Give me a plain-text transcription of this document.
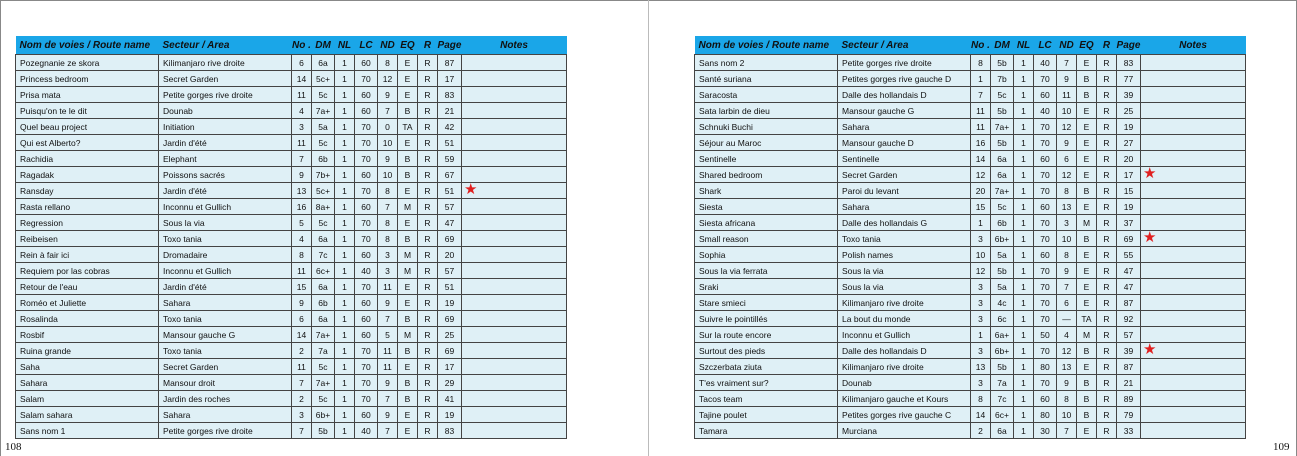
Nom de voies / Route name	Secteur / Area	No .	DM	NL	LC	ND	EQ	R	Page	Notes
Pozegnanie ze skora	Kilimanjaro rive droite	6	6a	1	60	8	E	R	87	
Princess bedroom	Secret Garden	14	5c+	1	70	12	E	R	17	
Prisa mata	Petite gorges rive droite	11	5c	1	60	9	E	R	83	
Puisqu'on te le dit	Dounab	4	7a+	1	60	7	B	R	21	
Quel beau project	Initiation	3	5a	1	70	0	TA	R	42	
Qui est Alberto?	Jardin d'été	11	5c	1	70	10	E	R	51	
Rachidia	Elephant	7	6b	1	70	9	B	R	59	
Ragadak	Poissons sacrés	9	7b+	1	60	10	B	R	67	
Ransday	Jardin d'été	13	5c+	1	70	8	E	R	51	★

Rasta rellano	Inconnu et Gullich	16	8a+	1	60	7	M	R	57	
Regression	Sous la via	5	5c	1	70	8	E	R	47	
Reibeisen	Toxo tania	4	6a	1	70	8	B	R	69	
Rein à fair ici	Dromadaire	8	7c	1	60	3	M	R	20	
Requiem por las cobras	Inconnu et Gullich	11	6c+	1	40	3	M	R	57	
Retour de l'eau	Jardin d'été	15	6a	1	70	11	E	R	51	
Roméo et Juliette	Sahara	9	6b	1	60	9	E	R	19	
Rosalinda	Toxo tania	6	6a	1	60	7	B	R	69	
Rosbif	Mansour gauche G	14	7a+	1	60	5	M	R	25	
Ruina grande	Toxo tania	2	7a	1	70	11	B	R	69	
Saha	Secret Garden	11	5c	1	70	11	E	R	17	
Sahara	Mansour droit	7	7a+	1	70	9	B	R	29	
Salam	Jardin des roches	2	5c	1	70	7	B	R	41	
Salam sahara	Sahara	3	6b+	1	60	9	E	R	19	
Sans nom 1	Petite gorges rive droite	7	5b	1	40	7	E	R	83	
108
Nom de voies / Route name	Secteur / Area	No .	DM	NL	LC	ND	EQ	R	Page	Notes
Sans nom 2	Petite gorges rive droite	8	5b	1	40	7	E	R	83	
Santé suriana	Petites gorges rive gauche D	1	7b	1	70	9	B	R	77	
Saracosta	Dalle des hollandais D	7	5c	1	60	11	B	R	39	
Sata larbin de dieu	Mansour gauche G	11	5b	1	40	10	E	R	25	
Schnuki Buchi	Sahara	11	7a+	1	70	12	E	R	19	
Séjour au Maroc	Mansour gauche D	16	5b	1	70	9	E	R	27	
Sentinelle	Sentinelle	14	6a	1	60	6	E	R	20	
Shared bedroom	Secret Garden	12	6a	1	70	12	E	R	17	★

Shark	Paroi du levant	20	7a+	1	70	8	B	R	15	
Siesta	Sahara	15	5c	1	60	13	E	R	19	
Siesta africana	Dalle des hollandais G	1	6b	1	70	3	M	R	37	
Small reason	Toxo tania	3	6b+	1	70	10	B	R	69	★

Sophia	Polish names	10	5a	1	60	8	E	R	55	
Sous la via ferrata	Sous la via	12	5b	1	70	9	E	R	47	
Sraki	Sous la via	3	5a	1	70	7	E	R	47	
Stare smieci	Kilimanjaro rive droite	3	4c	1	70	6	E	R	87	
Suivre le pointillés	La bout du monde	3	6c	1	70	—	TA	R	92	
Sur la route encore	Inconnu et Gullich	1	6a+	1	50	4	M	R	57	
Surtout des pieds	Dalle des hollandais D	3	6b+	1	70	12	B	R	39	★

Szczerbata ziuta	Kilimanjaro rive droite	13	5b	1	80	13	E	R	87	
T'es vraiment sur?	Dounab	3	7a	1	70	9	B	R	21	
Tacos team	Kilimanjaro gauche et Kours	8	7c	1	60	8	B	R	89	
Tajine poulet	Petites gorges rive gauche C	14	6c+	1	80	10	B	R	79	
Tamara	Murciana	2	6a	1	30	7	E	R	33	
109
